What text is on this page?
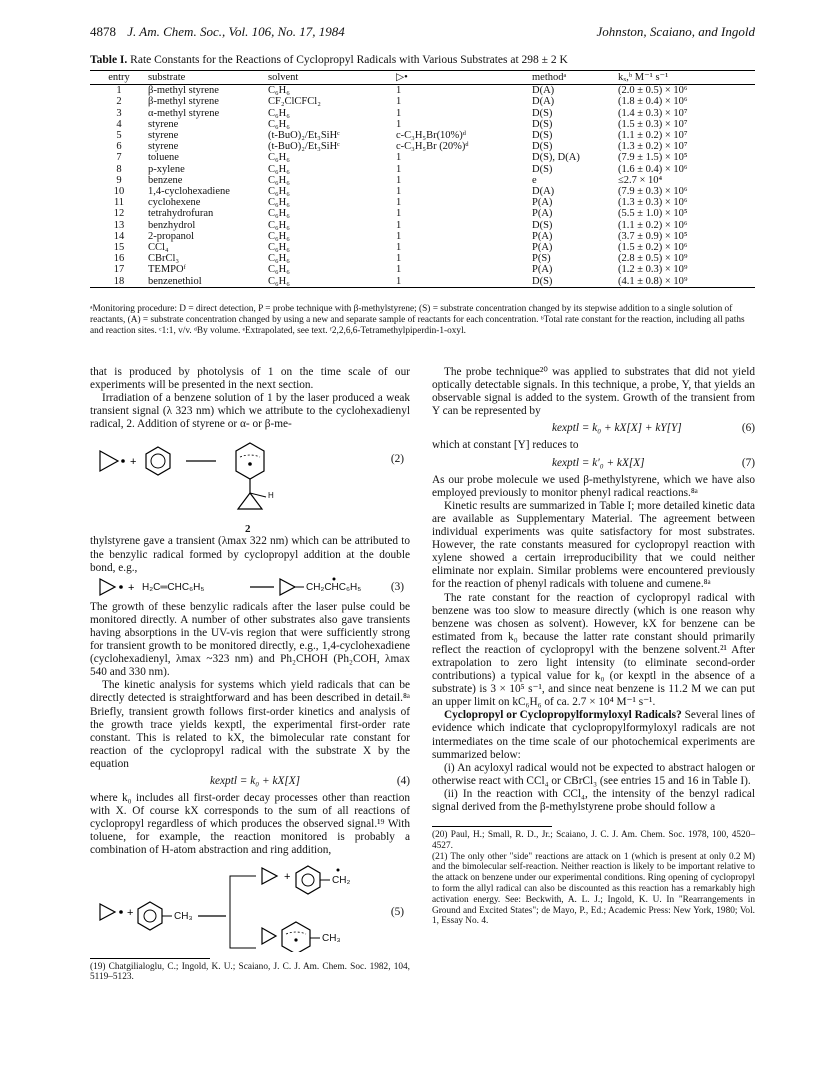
4878 J. Am. Chem. Soc., Vol. 106, No. 17, 1984	Johnston, Scaiano, and Ingold
Table I. Rate Constants for the Reactions of Cyclopropyl Radicals with Various Substrates at 298 ± 2 K
entry	substrate	solvent	▷•	methodᵃ	kₓ,ᵇ M⁻¹ s⁻¹
1	β-methyl styrene	C₆H₆	1	D(A)	(2.0 ± 0.5) × 10⁶
2	β-methyl styrene	CF₂ClCFCl₂	1	D(A)	(1.8 ± 0.4) × 10⁶
3	α-methyl styrene	C₆H₆	1	D(S)	(1.4 ± 0.3) × 10⁷
4	styrene	C₆H₆	1	D(S)	(1.5 ± 0.3) × 10⁷
5	styrene	(t-BuO)₂/Et₃SiHᶜ	c-C₃H₅Br(10%)ᵈ	D(S)	(1.1 ± 0.2) × 10⁷
6	styrene	(t-BuO)₂/Et₃SiHᶜ	c-C₃H₅Br (20%)ᵈ	D(S)	(1.3 ± 0.2) × 10⁷
7	toluene	C₆H₆	1	D(S), D(A)	(7.9 ± 1.5) × 10⁵
8	p-xylene	C₆H₆	1	D(S)	(1.6 ± 0.4) × 10⁶
9	benzene	C₆H₆	1	e	≤2.7 × 10⁴
10	1,4-cyclohexadiene	C₆H₆	1	D(A)	(7.9 ± 0.3) × 10⁶
11	cyclohexene	C₆H₆	1	P(A)	(1.3 ± 0.3) × 10⁶
12	tetrahydrofuran	C₆H₆	1	P(A)	(5.5 ± 1.0) × 10⁵
13	benzhydrol	C₆H₆	1	D(S)	(1.1 ± 0.2) × 10⁶
14	2-propanol	C₆H₆	1	P(A)	(3.7 ± 0.9) × 10⁵
15	CCl₄	C₆H₆	1	P(A)	(1.5 ± 0.2) × 10⁶
16	CBrCl₃	C₆H₆	1	P(S)	(2.8 ± 0.5) × 10⁹
17	TEMPOᶠ	C₆H₆	1	P(A)	(1.2 ± 0.3) × 10⁹
18	benzenethiol	C₆H₆	1	D(S)	(4.1 ± 0.8) × 10⁹
ᵃMonitoring procedure: D = direct detection, P = probe technique with β-methylstyrene; (S) = substrate concentration changed by its stepwise addition to a single solution of reactants, (A) = substrate concentration changed by using a new and separate sample of reactants for each concentration. ᵇTotal rate constant for the reaction, including all paths and reaction sites. ᶜ1:1, v/v. ᵈBy volume. ᵉExtrapolated, see text. ᶠ2,2,6,6-Tetramethylpiperdin-1-oxyl.
that is produced by photolysis of 1 on the time scale of our experiments will be presented in the next section.
Irradiation of a benzene solution of 1 by the laser produced a weak transient signal (λ 323 nm) which we attribute to the cyclohexadienyl radical, 2. Addition of styrene or α- or β-me-
+
H
(2)
2
thylstyrene gave a transient (λmax 322 nm) which can be attributed to the benzylic radical formed by cyclopropyl addition at the double bond, e.g.,
+ H₂C═CHC₆H₅	CH₂CHC₆H₅	(3)
The growth of these benzylic radicals after the laser pulse could be monitored directly. A number of other substrates also gave transients having absorptions in the UV-vis region that were sufficiently strong for transient growth to be monitored directly, e.g., 1,4-cyclohexadiene (cyclohexadienyl, λmax ~323 nm) and Ph₂CHOH (Ph₂COH, λmax 540 and 330 nm).
The kinetic analysis for systems which yield radicals that can be directly detected is straightforward and has been described in detail.⁸ᵃ Briefly, transient growth follows first-order kinetics and analysis of the growth trace yields kexptl, the experimental first-order rate constant. This is related to kX, the bimolecular rate constant for reaction of the cyclopropyl radical with the substrate X by the equation
kexptl = k₀ + kX[X]	(4)
where k₀ includes all first-order decay processes other than reaction with X. Of course kX corresponds to the sum of all reactions of cyclopropyl regardless of which produces the observed signal.¹⁹ With toluene, for example, the reaction monitored is probably a combination of H-atom abstraction and ring addition,
+
+
CH₃
CH₂
CH₃
(5)
(19) Chatgilialoglu, C.; Ingold, K. U.; Scaiano, J. C. J. Am. Chem. Soc. 1982, 104, 5119–5123.
The probe technique²⁰ was applied to substrates that did not yield optically detectable signals. In this technique, a probe, Y, that yields an observable signal is added to the system. Growth of the transient from Y can be represented by
kexptl = k₀ + kX[X] + kY[Y]	(6)
which at constant [Y] reduces to
kexptl = k′₀ + kX[X]	(7)
As our probe molecule we used β-methylstyrene, which we have also employed previously to monitor phenyl radical reactions.⁸ᵃ
Kinetic results are summarized in Table I; more detailed kinetic data are available as Supplementary Material. The agreement between individual experiments was quite satisfactory for most substrates. However, the rate constants measured for cyclopropyl reaction with xylene showed a certain irreproducibility that we could neither eliminate nor explain. Similar problems were encountered previously for the reaction of phenyl radicals with toluene and cumene.⁸ᵃ
The rate constant for the reaction of cyclopropyl radical with benzene was too slow to measure directly (which is one reason why benzene was chosen as solvent). However, kX for benzene can be estimated from k₀ because the latter rate constant should primarily reflect the reaction of cyclopropyl with the benzene solvent.²¹ After extrapolation to zero light intensity (to eliminate second-order contributions) a typical value for k₀ (or kexptl in the absence of a substrate) is 3 × 10⁵ s⁻¹, and since neat benzene is 11.2 M we can put an upper limit on kC₆H₆ of ca. 2.7 × 10⁴ M⁻¹ s⁻¹.
Cyclopropyl or Cyclopropylformyloxyl Radicals? Several lines of evidence which indicate that cyclopropylformyloxyl radicals are not intermediates on the time scale of our photochemical experiments are summarized below:
(i) An acyloxyl radical would not be expected to abstract halogen or otherwise react with CCl₄ or CBrCl₃ (see entries 15 and 16 in Table I).
(ii) In the reaction with CCl₄, the intensity of the benzyl radical signal derived from the β-methylstyrene probe should follow a
(20) Paul, H.; Small, R. D., Jr.; Scaiano, J. C. J. Am. Chem. Soc. 1978, 100, 4520–4527.
(21) The only other "side" reactions are attack on 1 (which is present at only 0.2 M) and the bimolecular self-reaction. Neither reaction is likely to be important relative to the attack on benzene under our experimental conditions. Ring opening of cyclopropyl to form the allyl radical can also be discounted as this reaction has a remarkably high activation energy. See: Beckwith, A. L. J.; Ingold, K. U. In "Rearrangements in Ground and Excited States"; de Mayo, P., Ed.; Academic Press: New York, 1980; Vol. 1, Essay No. 4.
